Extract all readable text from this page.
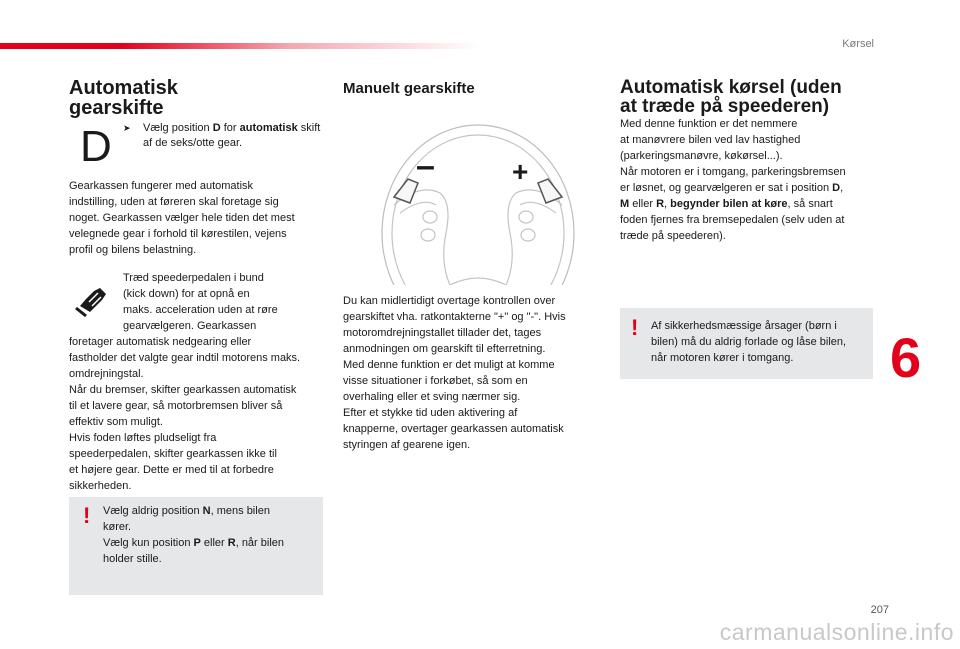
Kørsel
6
207
carmanualsonline.info
Automatisk
gearskifte
D ➤ Vælg position D for automatisk skift af de seks/otte gear.
Gearkassen fungerer med automatisk
indstilling, uden at føreren skal foretage sig
noget. Gearkassen vælger hele tiden det mest
velegnede gear i forhold til kørestilen, vejens
profil og bilens belastning.
Træd speederpedalen i bund
(kick down) for at opnå en
maks. acceleration uden at røre
gearvælgeren. Gearkassen
foretager automatisk nedgearing eller
fastholder det valgte gear indtil motorens maks.
omdrejningstal.
Når du bremser, skifter gearkassen automatisk
til et lavere gear, så motorbremsen bliver så
effektiv som muligt.
Hvis foden løftes pludseligt fra
speederpedalen, skifter gearkassen ikke til
et højere gear. Dette er med til at forbedre
sikkerheden.
! Vælg aldrig position N, mens bilen
kører.
Vælg kun position P eller R, når bilen
holder stille.
Manuelt gearskifte
–	+
Du kan midlertidigt overtage kontrollen over
gearskiftet vha. ratkontakterne "+" og "-". Hvis
motoromdrejningstallet tillader det, tages
anmodningen om gearskift til efterretning.
Med denne funktion er det muligt at komme
visse situationer i forkøbet, så som en
overhaling eller et sving nærmer sig.
Efter et stykke tid uden aktivering af
knapperne, overtager gearkassen automatisk
styringen af gearene igen.
Automatisk kørsel (uden
at træde på speederen)
Med denne funktion er det nemmere
at manøvrere bilen ved lav hastighed
(parkeringsmanøvre, køkørsel...).
Når motoren er i tomgang, parkeringsbremsen
er løsnet, og gearvælgeren er sat i position D,
M eller R, begynder bilen at køre, så snart
foden fjernes fra bremsepedalen (selv uden at
træde på speederen).
! Af sikkerhedsmæssige årsager (børn i
bilen) må du aldrig forlade og låse bilen,
når motoren kører i tomgang.
